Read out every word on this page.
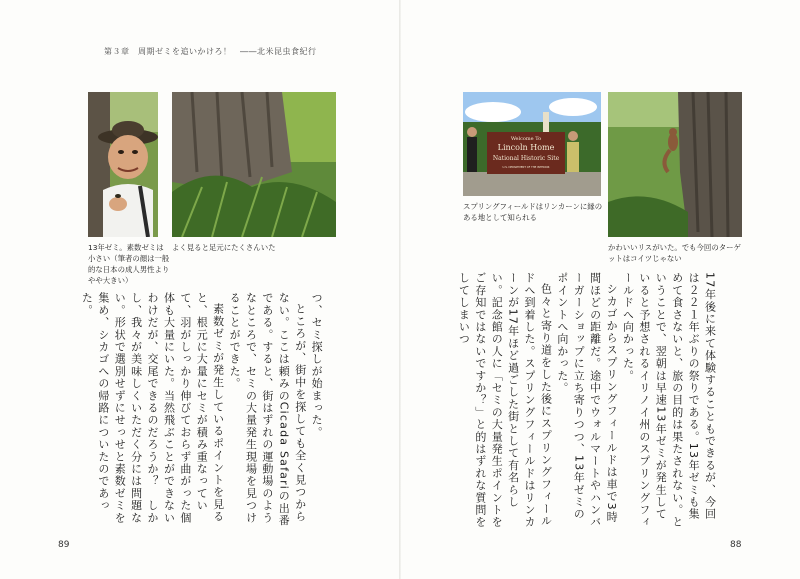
第３章　周期ゼミを追いかけろ！　――北米昆虫食紀行
13年ゼミ。素数ゼミは小さい（筆者の顔は一般的な日本の成人男性よりやや大きい）
よく見ると足元にたくさんいた

つ、セミ探しが始まった。

ところが、街中を探しても全く見つからない。ここは頼みのCicada Safariの出番である。すると、街はずれの運動場のようなところで、セミの大量発生現場を見つけることができた。

素数ゼミが発生しているポイントを見ると、根元に大量にセミが積み重なっていて、羽がしっかり伸びておらず曲がった個体も大量にいた。当然飛ぶことができないわけだが、交尾できるのだろうか？　しかし、我々が美味しくいただく分には問題ない。形状で選別せずにせっせと素数ゼミを集め、シカゴへの帰路についたのであった。

89
Welcome To
Lincoln Home
National Historic Site
U.S. DEPARTMENT OF THE INTERIOR
スプリングフィールドはリンカーンに縁のある地として知られる
かわいいリスがいた。でも今回のターゲットはコイツじゃない

17年後に来て体験することもできるが、今回は２２１年ぶりの祭りである。13年ゼミも集めて食さないと、旅の目的は果たされない。ということで、翌朝は早速13年ゼミが発生していると予想されるイリノイ州のスプリングフィールドへ向かった。

シカゴからスプリングフィールドは車で3時間ほどの距離だ。途中でウォルマートやハンバーガーショップに立ち寄りつつ、13年ゼミのポイントへ向かった。

色々と寄り道をした後にスプリングフィールドへ到着した。スプリングフィールドはリンカーンが17年ほど過ごした街として有名らしい。記念館の人に「セミの大量発生ポイントをご存知ではないですか？」と的はずれな質問をしてしまいつ

88
